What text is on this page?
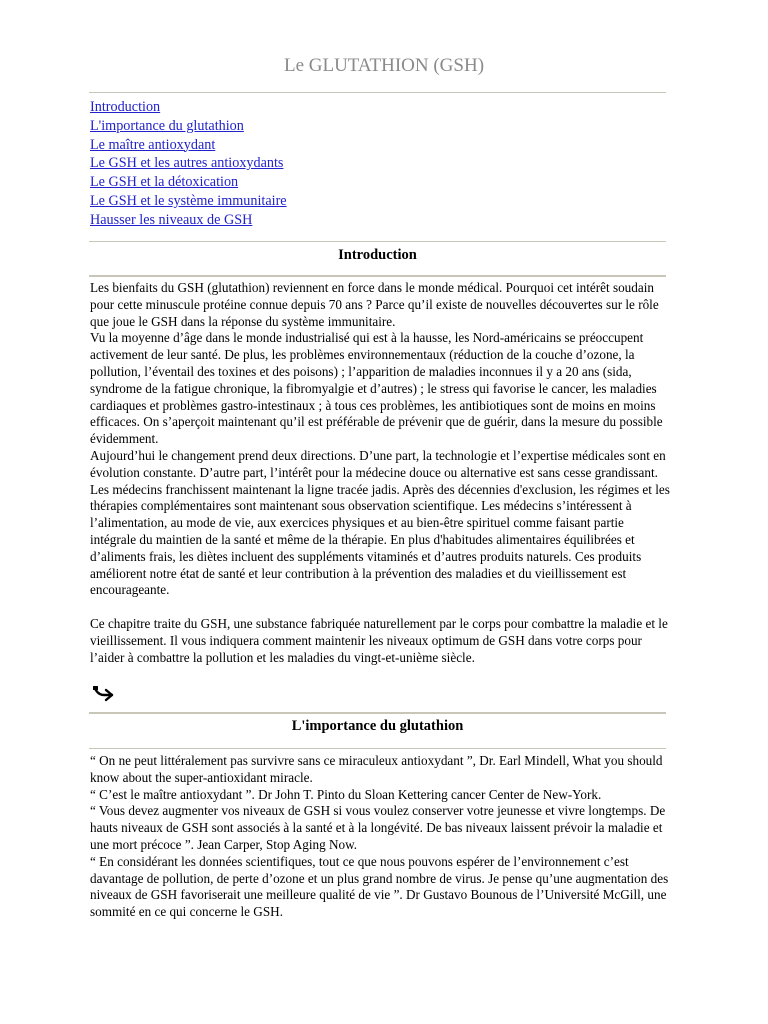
Le GLUTATHION (GSH)
Introduction
L'importance du glutathion
Le maître antioxydant
Le GSH et les autres antioxydants
Le GSH et la détoxication
Le GSH et le système immunitaire
Hausser les niveaux de GSH
Introduction

Les bienfaits du GSH (glutathion) reviennent en force dans le monde médical. Pourquoi cet intérêt soudain pour cette minuscule protéine connue depuis 70 ans ? Parce qu’il existe de nouvelles découvertes sur le rôle que joue le GSH dans la réponse du système immunitaire.

Vu la moyenne d’âge dans le monde industrialisé qui est à la hausse, les Nord-américains se préoccupent activement de leur santé. De plus, les problèmes environnementaux (réduction de la couche d’ozone, la pollution, l’éventail des toxines et des poisons) ; l’apparition de maladies inconnues il y a 20 ans (sida, syndrome de la fatigue chronique, la fibromyalgie et d’autres) ; le stress qui favorise le cancer, les maladies cardiaques et problèmes gastro-intestinaux ; à tous ces problèmes, les antibiotiques sont de moins en moins efficaces. On s’aperçoit maintenant qu’il est préférable de prévenir que de guérir, dans la mesure du possible évidemment.

Aujourd’hui le changement prend deux directions. D’une part, la technologie et l’expertise médicales sont en évolution constante. D’autre part, l’intérêt pour la médecine douce ou alternative est sans cesse grandissant. Les médecins franchissent maintenant la ligne tracée jadis. Après des décennies d'exclusion, les régimes et les thérapies complémentaires sont maintenant sous observation scientifique. Les médecins s’intéressent à l’alimentation, au mode de vie, aux exercices physiques et au bien-être spirituel comme faisant partie intégrale du maintien de la santé et même de la thérapie. En plus d'habitudes alimentaires équilibrées et d’aliments frais, les diètes incluent des suppléments vitaminés et d’autres produits naturels. Ces produits améliorent notre état de santé et leur contribution à la prévention des maladies et du vieillissement est encourageante.

Ce chapitre traite du GSH, une substance fabriquée naturellement par le corps pour combattre la maladie et le vieillissement. Il vous indiquera comment maintenir les niveaux optimum de GSH dans votre corps pour l’aider à combattre la pollution et les maladies du vingt-et-unième siècle.

L'importance du glutathion

“ On ne peut littéralement pas survivre sans ce miraculeux antioxydant ”, Dr. Earl Mindell, What you should know about the super-antioxidant miracle.

“ C’est le maître antioxydant ”. Dr John T. Pinto du Sloan Kettering cancer Center de New-York.

“ Vous devez augmenter vos niveaux de GSH si vous voulez conserver votre jeunesse et vivre longtemps. De hauts niveaux de GSH sont associés à la santé et à la longévité. De bas niveaux laissent prévoir la maladie et une mort précoce ”. Jean Carper, Stop Aging Now.

“ En considérant les données scientifiques, tout ce que nous pouvons espérer de l’environnement c’est davantage de pollution, de perte d’ozone et un plus grand nombre de virus. Je pense qu’une augmentation des niveaux de GSH favoriserait une meilleure qualité de vie ”. Dr Gustavo Bounous de l’Université McGill, une sommité en ce qui concerne le GSH.
